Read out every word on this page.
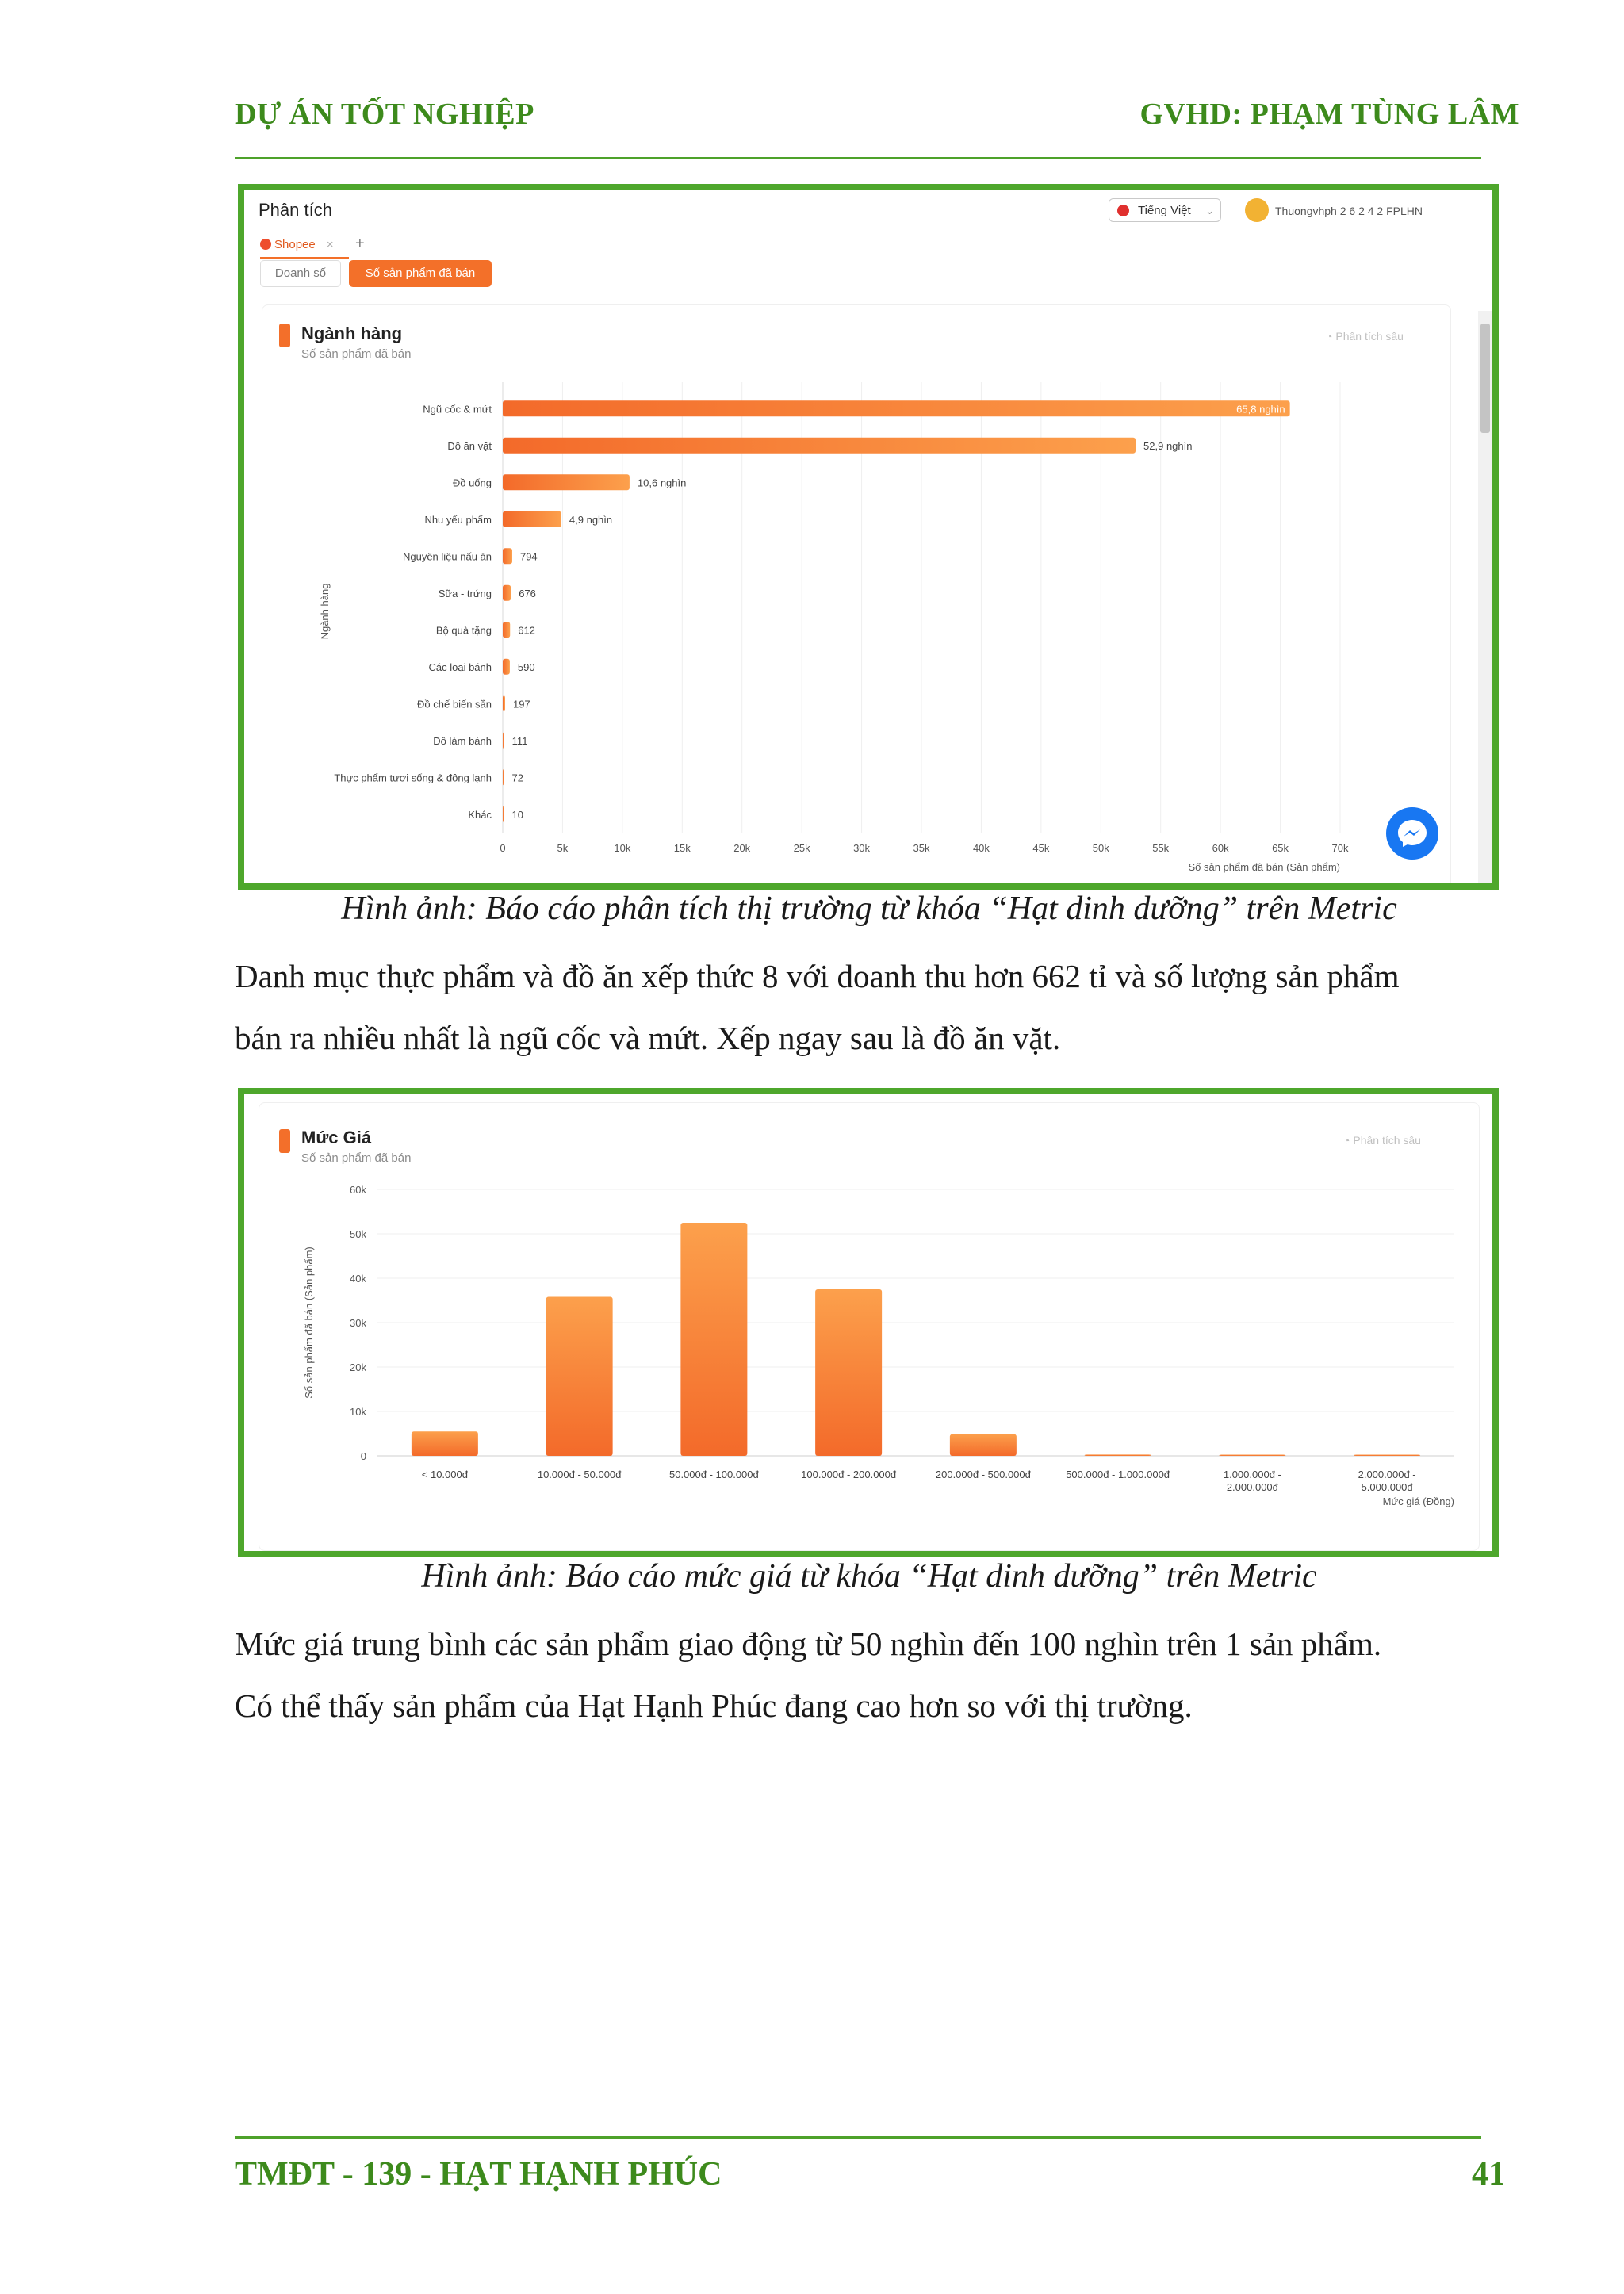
DỰ ÁN TỐT NGHIỆP	GVHD: PHẠM TÙNG LÂM
Phân tích	Tiếng Việt ⌄	Thuongvhph 2 6 2 4 2 FPLHN
Shopee × +
Doanh số	Số sản phẩm đã bán
Ngành hàng
Số sản phẩm đã bán
◔ Phân tích sâu
0	5k	10k	15k	20k	25k	30k	35k	40k	45k	50k	55k	60k	65k	70k
Ngũ cốc & mứt	65,8 nghìn
Đồ ăn vặt	52,9 nghìn
Đồ uống	10,6 nghìn
Nhu yếu phẩm	4,9 nghìn
Nguyên liệu nấu ăn	794
Sữa - trứng	676
Bộ quà tặng	612
Các loại bánh	590
Đồ chế biến sẵn 197
Đồ làm bánh 111
Thực phẩm tươi sống & đông lạnh 72
Khác 10
Số sản phẩm đã bán (Sản phẩm)
Ngành hàng
Hình ảnh: Báo cáo phân tích thị trường từ khóa “Hạt dinh dưỡng” trên Metric
Danh mục thực phẩm và đồ ăn xếp thức 8 với doanh thu hơn 662 tỉ và số lượng sản phẩm
bán ra nhiều nhất là ngũ cốc và mứt. Xếp ngay sau là đồ ăn vặt.
Mức Giá
Số sản phẩm đã bán
◔ Phân tích sâu
0
10k
20k
30k
40k
50k
60k
< 10.000đ	10.000đ - 50.000đ	50.000đ - 100.000đ	100.000đ - 200.000đ	200.000đ - 500.000đ	500.000đ - 1.000.000đ	1.000.000đ -2.000.000đ
2.000.000đ -5.000.000đ
Mức giá (Đồng)
Số sản phẩm đã bán (Sản phẩm)
Hình ảnh: Báo cáo mức giá từ khóa “Hạt dinh dưỡng” trên Metric
Mức giá trung bình các sản phẩm giao động từ 50 nghìn đến 100 nghìn trên 1 sản phẩm.
Có thể thấy sản phẩm của Hạt Hạnh Phúc đang cao hơn so với thị trường.
TMĐT - 139 - HẠT HẠNH PHÚC	41
